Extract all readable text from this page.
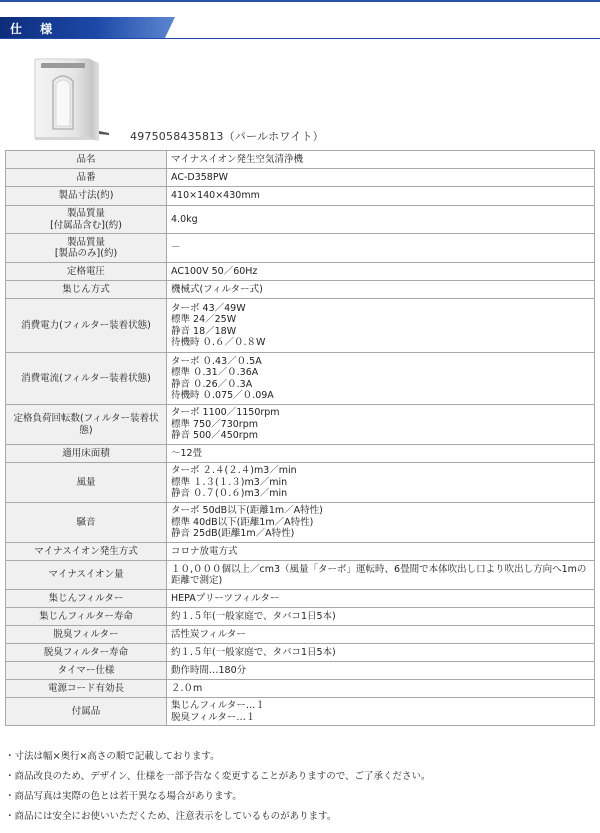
仕 様
4975058435813（パールホワイト）
品名	マイナスイオン発生空気清浄機
品番	AC-D358PW
製品寸法(約)	410×140×430mm
製品質量
[付属品含む](約)	4.0kg
製品質量
[製品のみ](約)	－
定格電圧	AC100V 50／60Hz
集じん方式	機械式(フィルター式)
消費電力(フィルター装着状態)	ターボ 43／49W
標準 24／25W
静音 18／18W
待機時 ０.６／０.８W
消費電流(フィルター装着状態)	ターボ ０.43／０.5A
標準 ０.31／０.36A
静音 ０.26／０.3A
待機時 ０.075／０.09A
定格負荷回転数(フィルター装着状態)	ターボ 1100／1150rpm
標準 750／730rpm
静音 500／450rpm
適用床面積	～12畳
風量	ターボ ２.４(２.４)m3／min
標準 １.３(１.３)m3／min
静音 ０.７(０.６)m3／min
騒音	ターボ 50dB以下(距離1m／A特性)
標準 40dB以下(距離1m／A特性)
静音 25dB(距離1m／A特性)
マイナスイオン発生方式	コロナ放電方式
マイナスイオン量	１０,０００個以上／cm3（風量「ターボ」運転時、6畳間で本体吹出し口より吹出し方向へ1mの距離で測定)
集じんフィルター	HEPAプリーツフィルター
集じんフィルター寿命	約１.５年(一般家庭で、タバコ1日5本)
脱臭フィルター	活性炭フィルター
脱臭フィルター寿命	約１.５年(一般家庭で、タバコ1日5本)
タイマー仕様	動作時間…180分
電源コード有効長	２.０m
付属品	集じんフィルター…１
脱臭フィルター…１
・寸法は幅×奥行×高さの順で記載しております。
・商品改良のため、デザイン、仕様を一部予告なく変更することがありますので、ご了承ください。
・商品写真は実際の色とは若干異なる場合があります。
・商品には安全にお使いいただくため、注意表示をしているものがあります。
